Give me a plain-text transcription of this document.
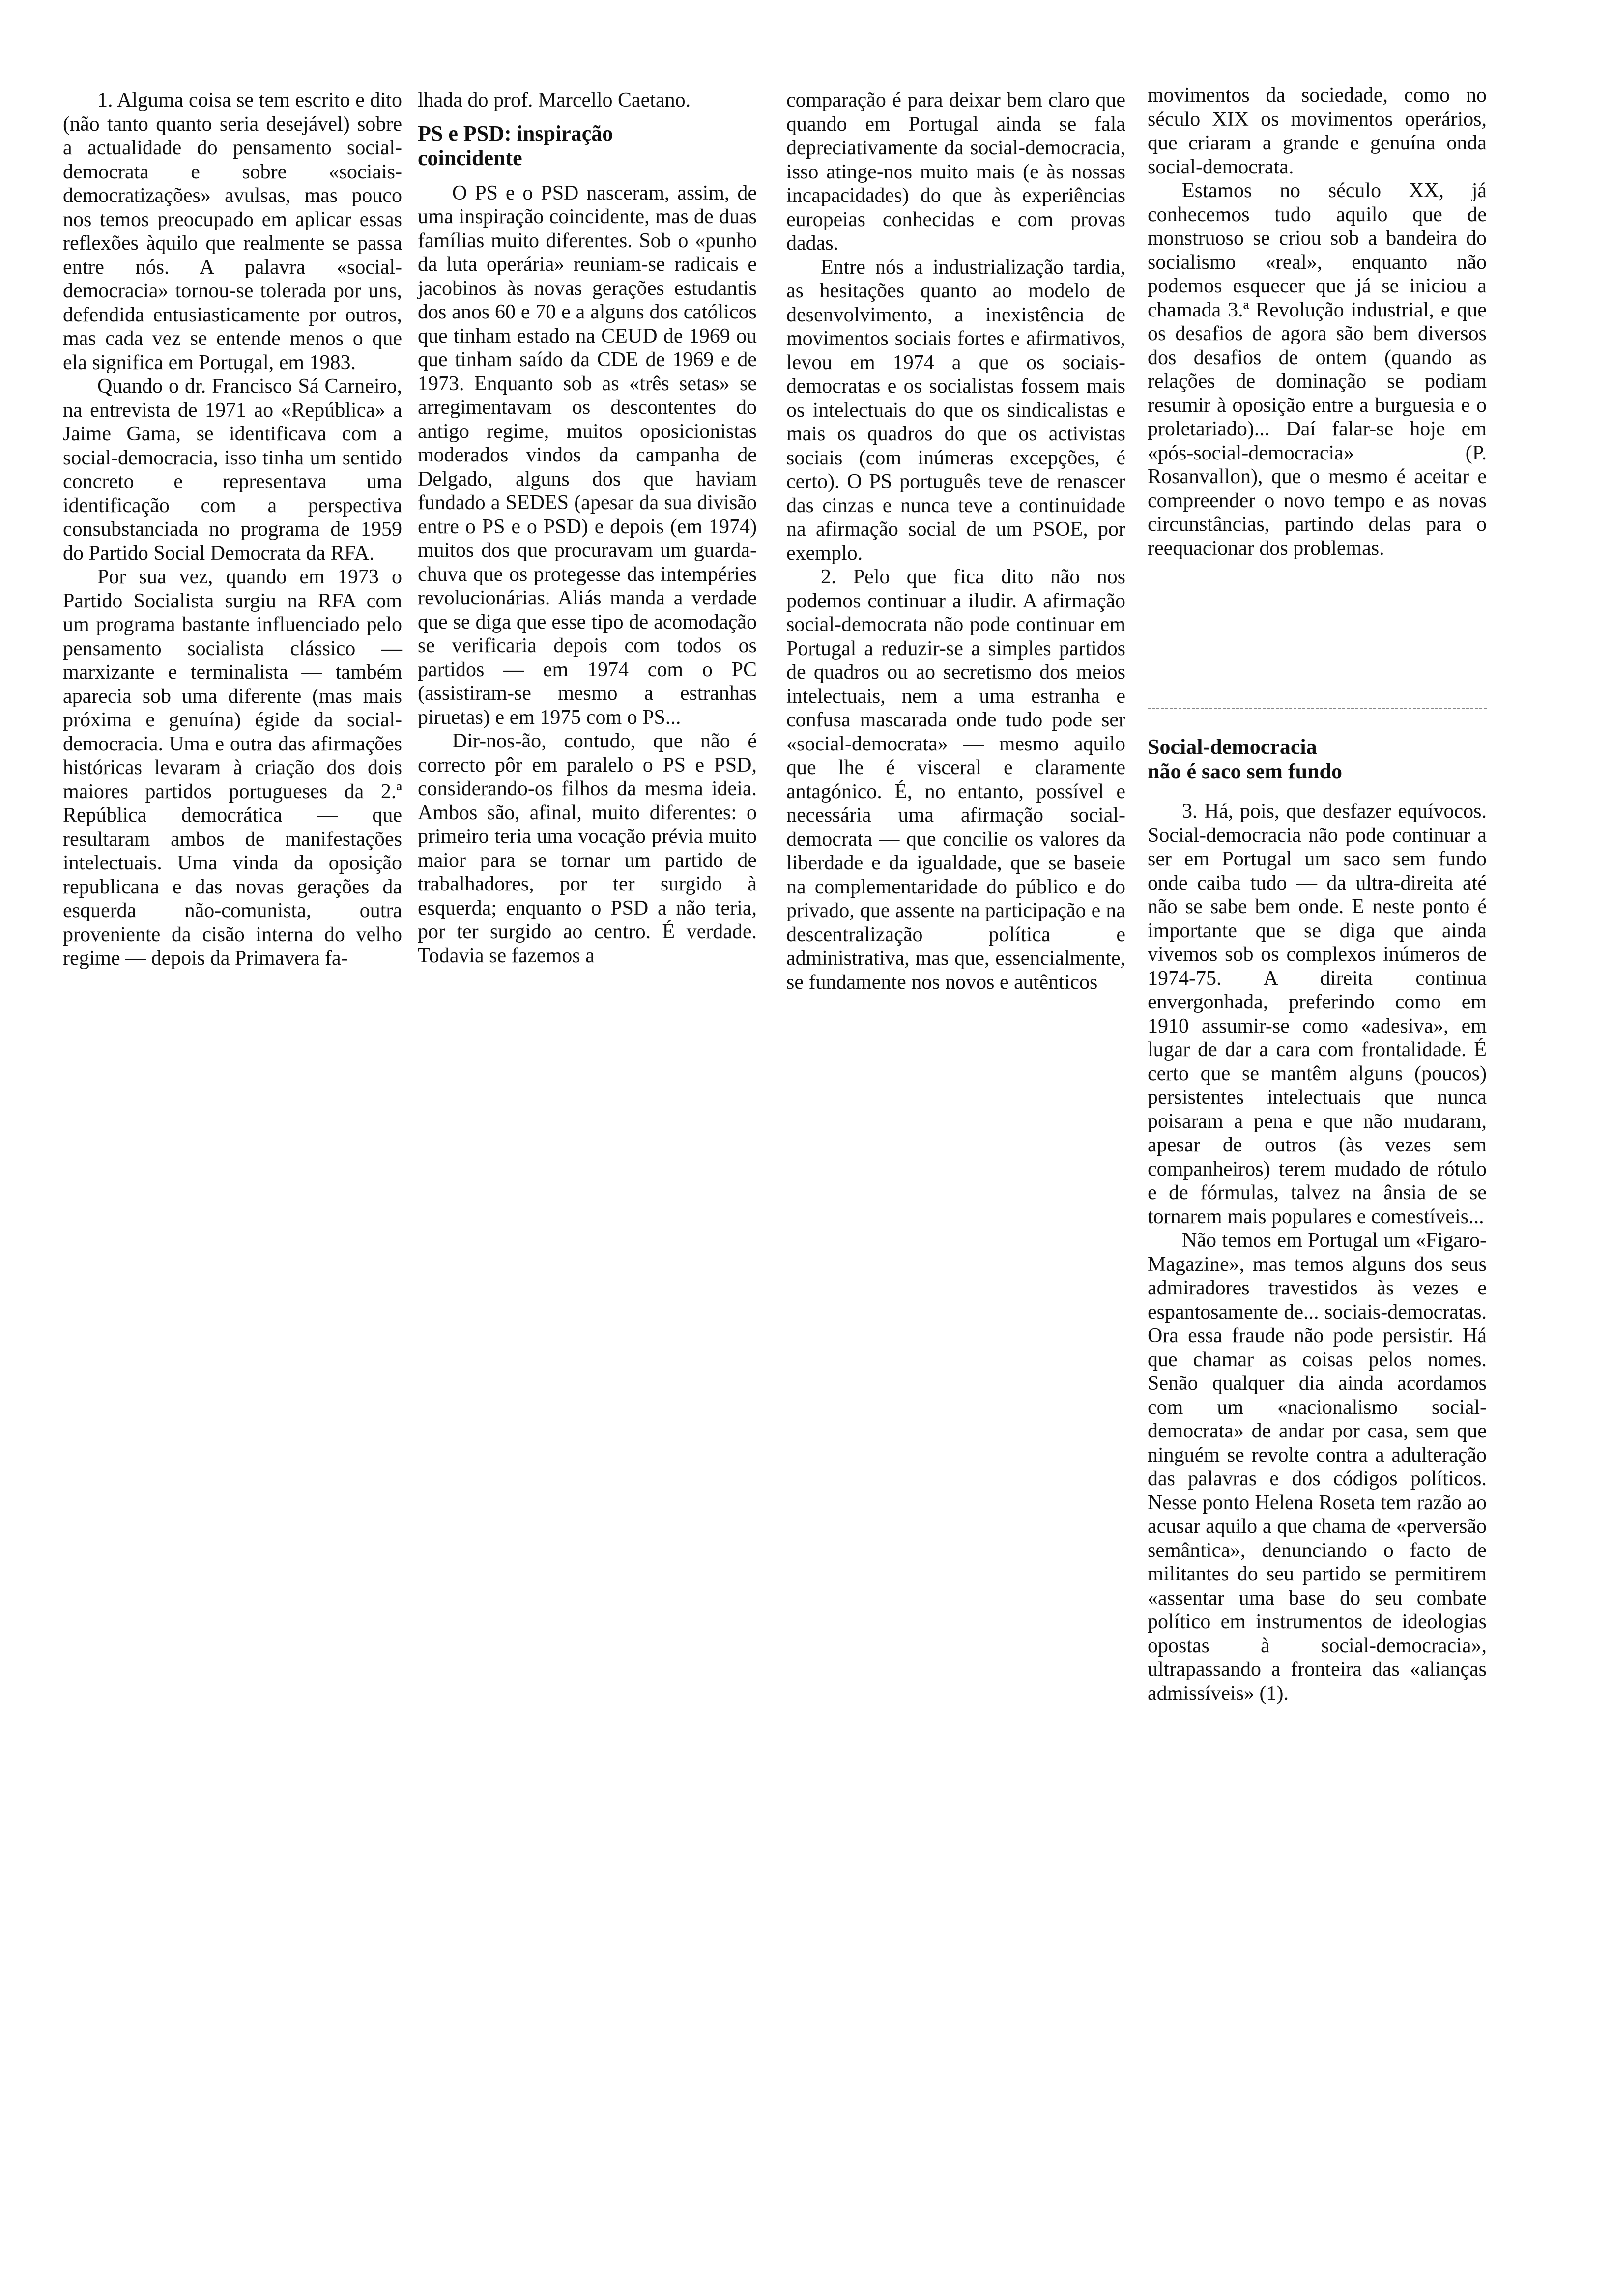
1. Alguma coisa se tem escrito e dito (não tanto quanto seria desejável) sobre a actualidade do pensamento social-democrata e sobre «sociais-democratizações» avulsas, mas pouco nos temos preocupado em aplicar essas reflexões àquilo que realmente se passa entre nós. A palavra «social-democracia» tornou-se tolerada por uns, defendida entusiasticamente por outros, mas cada vez se entende menos o que ela significa em Portugal, em 1983.

Quando o dr. Francisco Sá Carneiro, na entrevista de 1971 ao «República» a Jaime Gama, se identificava com a social-democracia, isso tinha um sentido concreto e representava uma identificação com a perspectiva consubstanciada no programa de 1959 do Partido Social Democrata da RFA.

Por sua vez, quando em 1973 o Partido Socialista surgiu na RFA com um programa bastante influenciado pelo pensamento socialista clássico — marxizante e terminalista — também aparecia sob uma diferente (mas mais próxima e genuína) égide da social-democracia. Uma e outra das afirmações históricas levaram à criação dos dois maiores partidos portugueses da 2.ª República democrática — que resultaram ambos de manifestações intelectuais. Uma vinda da oposição republicana e das novas gerações da esquerda não-comunista, outra proveniente da cisão interna do velho regime — depois da Primavera fa-

lhada do prof. Marcello Caetano.

PS e PSD: inspiração
coincidente

O PS e o PSD nasceram, assim, de uma inspiração coincidente, mas de duas famílias muito diferentes. Sob o «punho da luta operária» reuniam-se radicais e jacobinos às novas gerações estudantis dos anos 60 e 70 e a alguns dos católicos que tinham estado na CEUD de 1969 ou que tinham saído da CDE de 1969 e de 1973. Enquanto sob as «três setas» se arregimentavam os descontentes do antigo regime, muitos oposicionistas moderados vindos da campanha de Delgado, alguns dos que haviam fundado a SEDES (apesar da sua divisão entre o PS e o PSD) e depois (em 1974) muitos dos que procuravam um guarda-chuva que os protegesse das intempéries revolucionárias. Aliás manda a verdade que se diga que esse tipo de acomodação se verificaria depois com todos os partidos — em 1974 com o PC (assistiram-se mesmo a estranhas piruetas) e em 1975 com o PS...

Dir-nos-ão, contudo, que não é correcto pôr em paralelo o PS e PSD, considerando-os filhos da mesma ideia. Ambos são, afinal, muito diferentes: o primeiro teria uma vocação prévia muito maior para se tornar um partido de trabalhadores, por ter surgido à esquerda; enquanto o PSD a não teria, por ter surgido ao centro. É verdade. Todavia se fazemos a

comparação é para deixar bem claro que quando em Portugal ainda se fala depreciativamente da social-democracia, isso atinge-nos muito mais (e às nossas incapacidades) do que às experiências europeias conhecidas e com provas dadas.

Entre nós a industrialização tardia, as hesitações quanto ao modelo de desenvolvimento, a inexistência de movimentos sociais fortes e afirmativos, levou em 1974 a que os sociais-democratas e os socialistas fossem mais os intelectuais do que os sindicalistas e mais os quadros do que os activistas sociais (com inúmeras excepções, é certo). O PS português teve de renascer das cinzas e nunca teve a continuidade na afirmação social de um PSOE, por exemplo.

2. Pelo que fica dito não nos podemos continuar a iludir. A afirmação social-democrata não pode continuar em Portugal a reduzir-se a simples partidos de quadros ou ao secretismo dos meios intelectuais, nem a uma estranha e confusa mascarada onde tudo pode ser «social-democrata» — mesmo aquilo que lhe é visceral e claramente antagónico. É, no entanto, possível e necessária uma afirmação social-democrata — que concilie os valores da liberdade e da igualdade, que se baseie na complementaridade do público e do privado, que assente na participação e na descentralização política e administrativa, mas que, essencialmente, se fundamente nos novos e autênticos

movimentos da sociedade, como no século XIX os movimentos operários, que criaram a grande e genuína onda social-democrata.

Estamos no século XX, já conhecemos tudo aquilo que de monstruoso se criou sob a bandeira do socialismo «real», enquanto não podemos esquecer que já se iniciou a chamada 3.ª Revolução industrial, e que os desafios de agora são bem diversos dos desafios de ontem (quando as relações de dominação se podiam resumir à oposição entre a burguesia e o proletariado)... Daí falar-se hoje em «pós-social-democracia» (P. Rosanvallon), que o mesmo é aceitar e compreender o novo tempo e as novas circunstâncias, partindo delas para o reequacionar dos problemas.

Social-democracia
não é saco sem fundo

3. Há, pois, que desfazer equívocos. Social-democracia não pode continuar a ser em Portugal um saco sem fundo onde caiba tudo — da ultra-direita até não se sabe bem onde. E neste ponto é importante que se diga que ainda vivemos sob os complexos inúmeros de 1974-75. A direita continua envergonhada, preferindo como em 1910 assumir-se como «adesiva», em lugar de dar a cara com frontalidade. É certo que se mantêm alguns (poucos) persistentes intelectuais que nunca poisaram a pena e que não mudaram, apesar de outros (às vezes sem companheiros) terem mudado de rótulo e de fórmulas, talvez na ânsia de se tornarem mais populares e comestíveis...

Não temos em Portugal um «Figaro-Magazine», mas temos alguns dos seus admiradores travestidos às vezes e espantosamente de... sociais-democratas. Ora essa fraude não pode persistir. Há que chamar as coisas pelos nomes. Senão qualquer dia ainda acordamos com um «nacionalismo social-democrata» de andar por casa, sem que ninguém se revolte contra a adulteração das palavras e dos códigos políticos. Nesse ponto Helena Roseta tem razão ao acusar aquilo a que chama de «perversão semântica», denunciando o facto de militantes do seu partido se permitirem «assentar uma base do seu combate político em instrumentos de ideologias opostas à social-democracia», ultrapassando a fronteira das «alianças admissíveis» (1).
